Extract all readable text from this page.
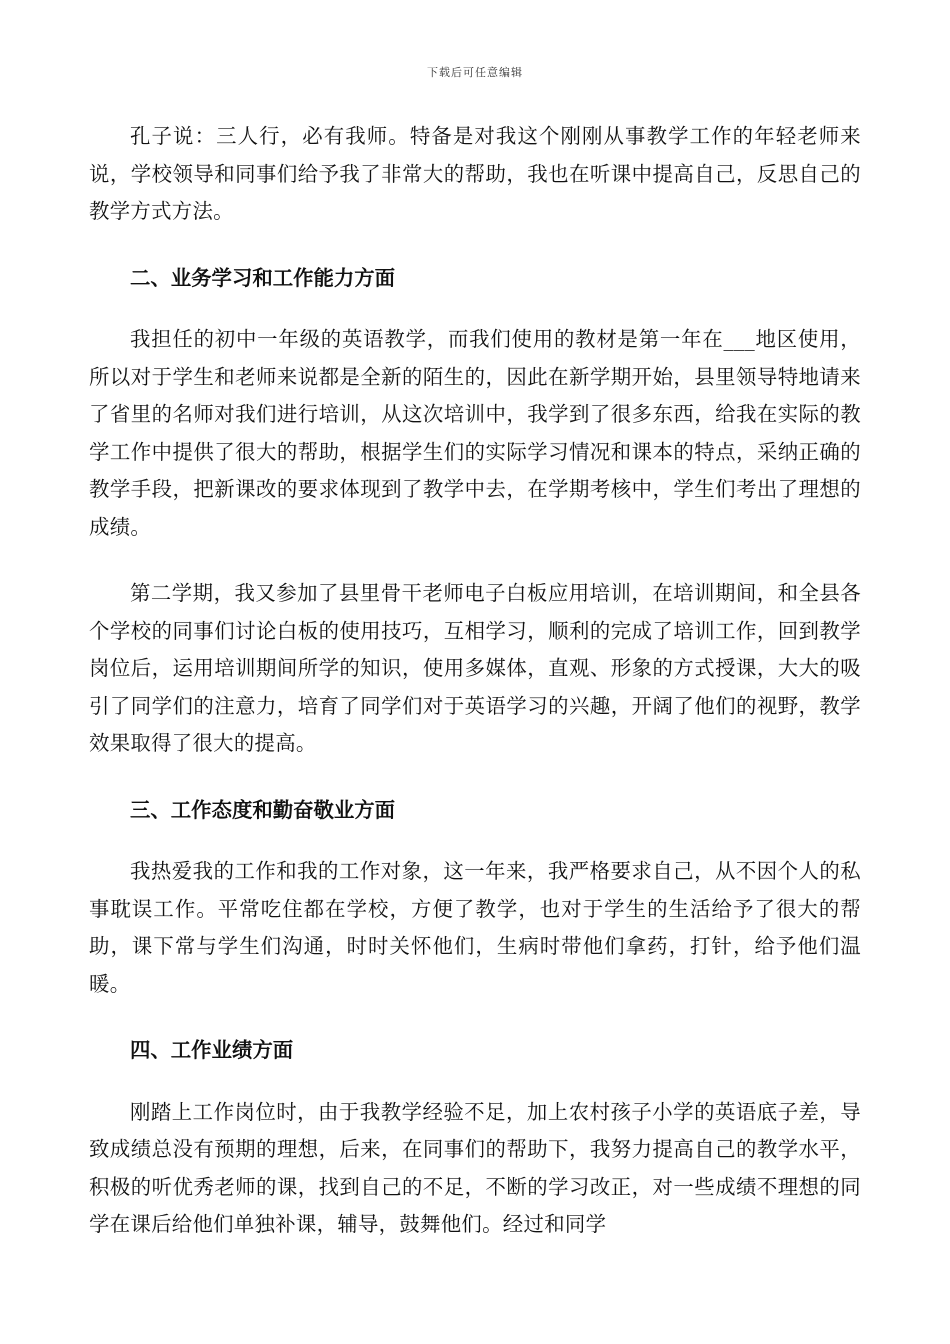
下载后可任意编辑

孔子说：三人行，必有我师。特备是对我这个刚刚从事教学工作的年轻老师来说，学校领导和同事们给予我了非常大的帮助，我也在听课中提高自己，反思自己的教学方式方法。

二、业务学习和工作能力方面

我担任的初中一年级的英语教学，而我们使用的教材是第一年在___地区使用，所以对于学生和老师来说都是全新的陌生的，因此在新学期开始，县里领导特地请来了省里的名师对我们进行培训，从这次培训中，我学到了很多东西，给我在实际的教学工作中提供了很大的帮助，根据学生们的实际学习情况和课本的特点，采纳正确的教学手段，把新课改的要求体现到了教学中去，在学期考核中，学生们考出了理想的成绩。

第二学期，我又参加了县里骨干老师电子白板应用培训，在培训期间，和全县各个学校的同事们讨论白板的使用技巧，互相学习，顺利的完成了培训工作，回到教学岗位后，运用培训期间所学的知识，使用多媒体，直观、形象的方式授课，大大的吸引了同学们的注意力，培育了同学们对于英语学习的兴趣，开阔了他们的视野，教学效果取得了很大的提高。

三、工作态度和勤奋敬业方面

我热爱我的工作和我的工作对象，这一年来，我严格要求自己，从不因个人的私事耽误工作。平常吃住都在学校，方便了教学，也对于学生的生活给予了很大的帮助，课下常与学生们沟通，时时关怀他们，生病时带他们拿药，打针，给予他们温暖。

四、工作业绩方面

刚踏上工作岗位时，由于我教学经验不足，加上农村孩子小学的英语底子差，导致成绩总没有预期的理想，后来，在同事们的帮助下，我努力提高自己的教学水平，积极的听优秀老师的课，找到自己的不足，不断的学习改正，对一些成绩不理想的同学在课后给他们单独补课，辅导，鼓舞他们。经过和同学
